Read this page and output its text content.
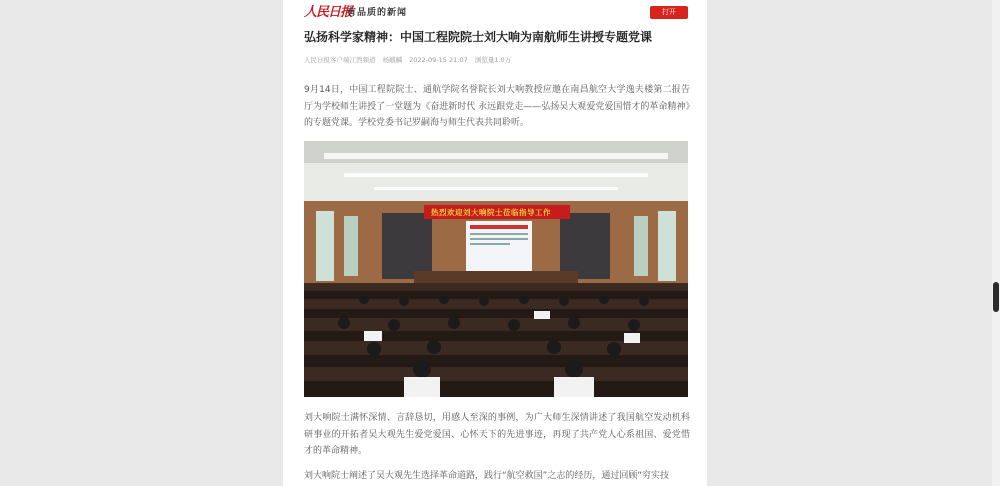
人民日报
有品质的新闻	打开
弘扬科学家精神：中国工程院院士刘大响为南航师生讲授专题党课
人民日报客户端江西频道 杨麒麟 2022-09-15 21:07 浏览量1.0万
9月14日，中国工程院院士、通航学院名誉院长刘大响教授应邀在南昌航空大学逸夫楼第二报告厅为学校师生讲授了一堂题为《奋进新时代 永远跟党走——弘扬吴大观爱党爱国惜才的革命精神》的专题党课。学校党委书记罗嗣海与师生代表共同聆听。
热烈欢迎刘大响院士莅临指导工作
刘大响院士满怀深情、言辞恳切，用感人至深的事例，为广大师生深情讲述了我国航空发动机科研事业的开拓者吴大观先生爱党爱国、心怀天下的先进事迹，再现了共产党人心系祖国、爱党惜才的革命精神。
刘大响院士阐述了吴大观先生选择革命道路，践行“航空救国”之志的经历，通过回顾“穷实技
